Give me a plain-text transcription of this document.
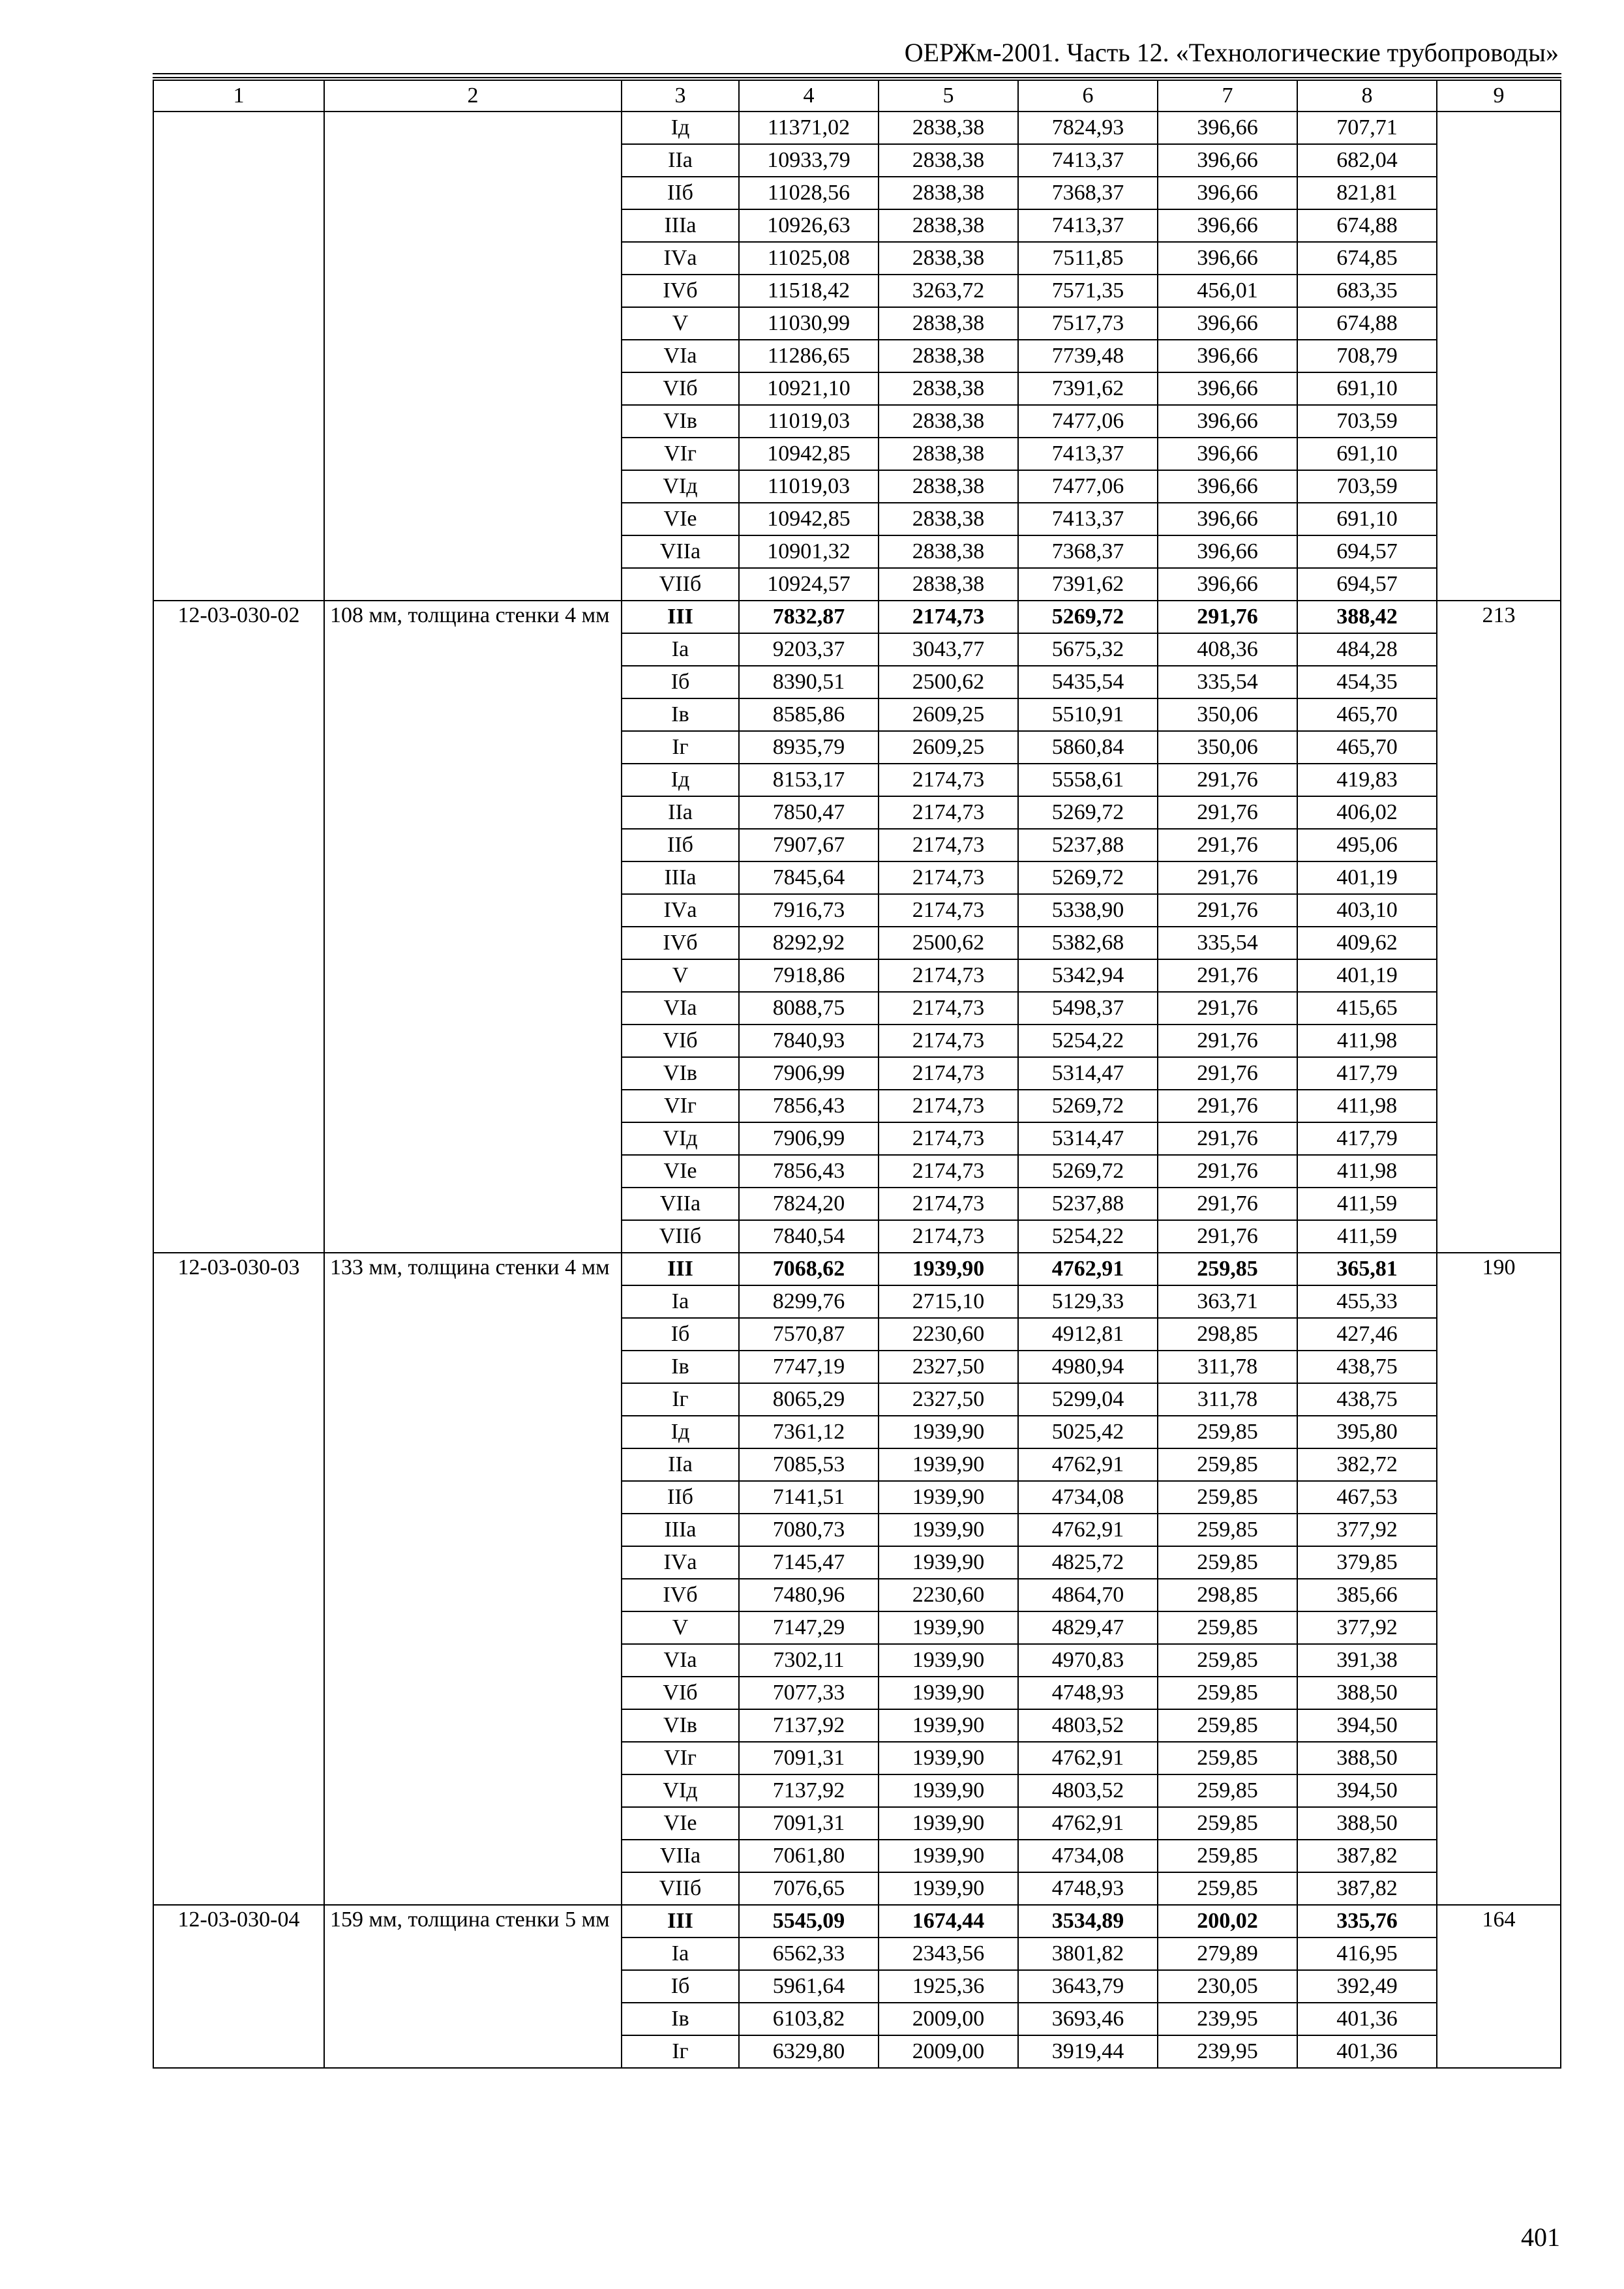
ОЕРЖм-2001. Часть 12. «Технологические трубопроводы»
1	2	3	4	5	6	7	8	9
		Iд	11371,02	2838,38	7824,93	396,66	707,71	
		IIа	10933,79	2838,38	7413,37	396,66	682,04	
		IIб	11028,56	2838,38	7368,37	396,66	821,81	
		IIIа	10926,63	2838,38	7413,37	396,66	674,88	
		IVа	11025,08	2838,38	7511,85	396,66	674,85	
		IVб	11518,42	3263,72	7571,35	456,01	683,35	
		V	11030,99	2838,38	7517,73	396,66	674,88	
		VIа	11286,65	2838,38	7739,48	396,66	708,79	
		VIб	10921,10	2838,38	7391,62	396,66	691,10	
		VIв	11019,03	2838,38	7477,06	396,66	703,59	
		VIг	10942,85	2838,38	7413,37	396,66	691,10	
		VIд	11019,03	2838,38	7477,06	396,66	703,59	
		VIе	10942,85	2838,38	7413,37	396,66	691,10	
		VIIа	10901,32	2838,38	7368,37	396,66	694,57	
		VIIб	10924,57	2838,38	7391,62	396,66	694,57	
12-03-030-02	108 мм, толщина стенки 4 мм	III	7832,87	2174,73	5269,72	291,76	388,42	213
		Iа	9203,37	3043,77	5675,32	408,36	484,28	
		Iб	8390,51	2500,62	5435,54	335,54	454,35	
		Iв	8585,86	2609,25	5510,91	350,06	465,70	
		Iг	8935,79	2609,25	5860,84	350,06	465,70	
		Iд	8153,17	2174,73	5558,61	291,76	419,83	
		IIа	7850,47	2174,73	5269,72	291,76	406,02	
		IIб	7907,67	2174,73	5237,88	291,76	495,06	
		IIIа	7845,64	2174,73	5269,72	291,76	401,19	
		IVа	7916,73	2174,73	5338,90	291,76	403,10	
		IVб	8292,92	2500,62	5382,68	335,54	409,62	
		V	7918,86	2174,73	5342,94	291,76	401,19	
		VIа	8088,75	2174,73	5498,37	291,76	415,65	
		VIб	7840,93	2174,73	5254,22	291,76	411,98	
		VIв	7906,99	2174,73	5314,47	291,76	417,79	
		VIг	7856,43	2174,73	5269,72	291,76	411,98	
		VIд	7906,99	2174,73	5314,47	291,76	417,79	
		VIе	7856,43	2174,73	5269,72	291,76	411,98	
		VIIа	7824,20	2174,73	5237,88	291,76	411,59	
		VIIб	7840,54	2174,73	5254,22	291,76	411,59	
12-03-030-03	133 мм, толщина стенки 4 мм	III	7068,62	1939,90	4762,91	259,85	365,81	190
		Iа	8299,76	2715,10	5129,33	363,71	455,33	
		Iб	7570,87	2230,60	4912,81	298,85	427,46	
		Iв	7747,19	2327,50	4980,94	311,78	438,75	
		Iг	8065,29	2327,50	5299,04	311,78	438,75	
		Iд	7361,12	1939,90	5025,42	259,85	395,80	
		IIа	7085,53	1939,90	4762,91	259,85	382,72	
		IIб	7141,51	1939,90	4734,08	259,85	467,53	
		IIIа	7080,73	1939,90	4762,91	259,85	377,92	
		IVа	7145,47	1939,90	4825,72	259,85	379,85	
		IVб	7480,96	2230,60	4864,70	298,85	385,66	
		V	7147,29	1939,90	4829,47	259,85	377,92	
		VIа	7302,11	1939,90	4970,83	259,85	391,38	
		VIб	7077,33	1939,90	4748,93	259,85	388,50	
		VIв	7137,92	1939,90	4803,52	259,85	394,50	
		VIг	7091,31	1939,90	4762,91	259,85	388,50	
		VIд	7137,92	1939,90	4803,52	259,85	394,50	
		VIе	7091,31	1939,90	4762,91	259,85	388,50	
		VIIа	7061,80	1939,90	4734,08	259,85	387,82	
		VIIб	7076,65	1939,90	4748,93	259,85	387,82	
12-03-030-04	159 мм, толщина стенки 5 мм	III	5545,09	1674,44	3534,89	200,02	335,76	164
		Iа	6562,33	2343,56	3801,82	279,89	416,95	
		Iб	5961,64	1925,36	3643,79	230,05	392,49	
		Iв	6103,82	2009,00	3693,46	239,95	401,36	
		Iг	6329,80	2009,00	3919,44	239,95	401,36	
401
